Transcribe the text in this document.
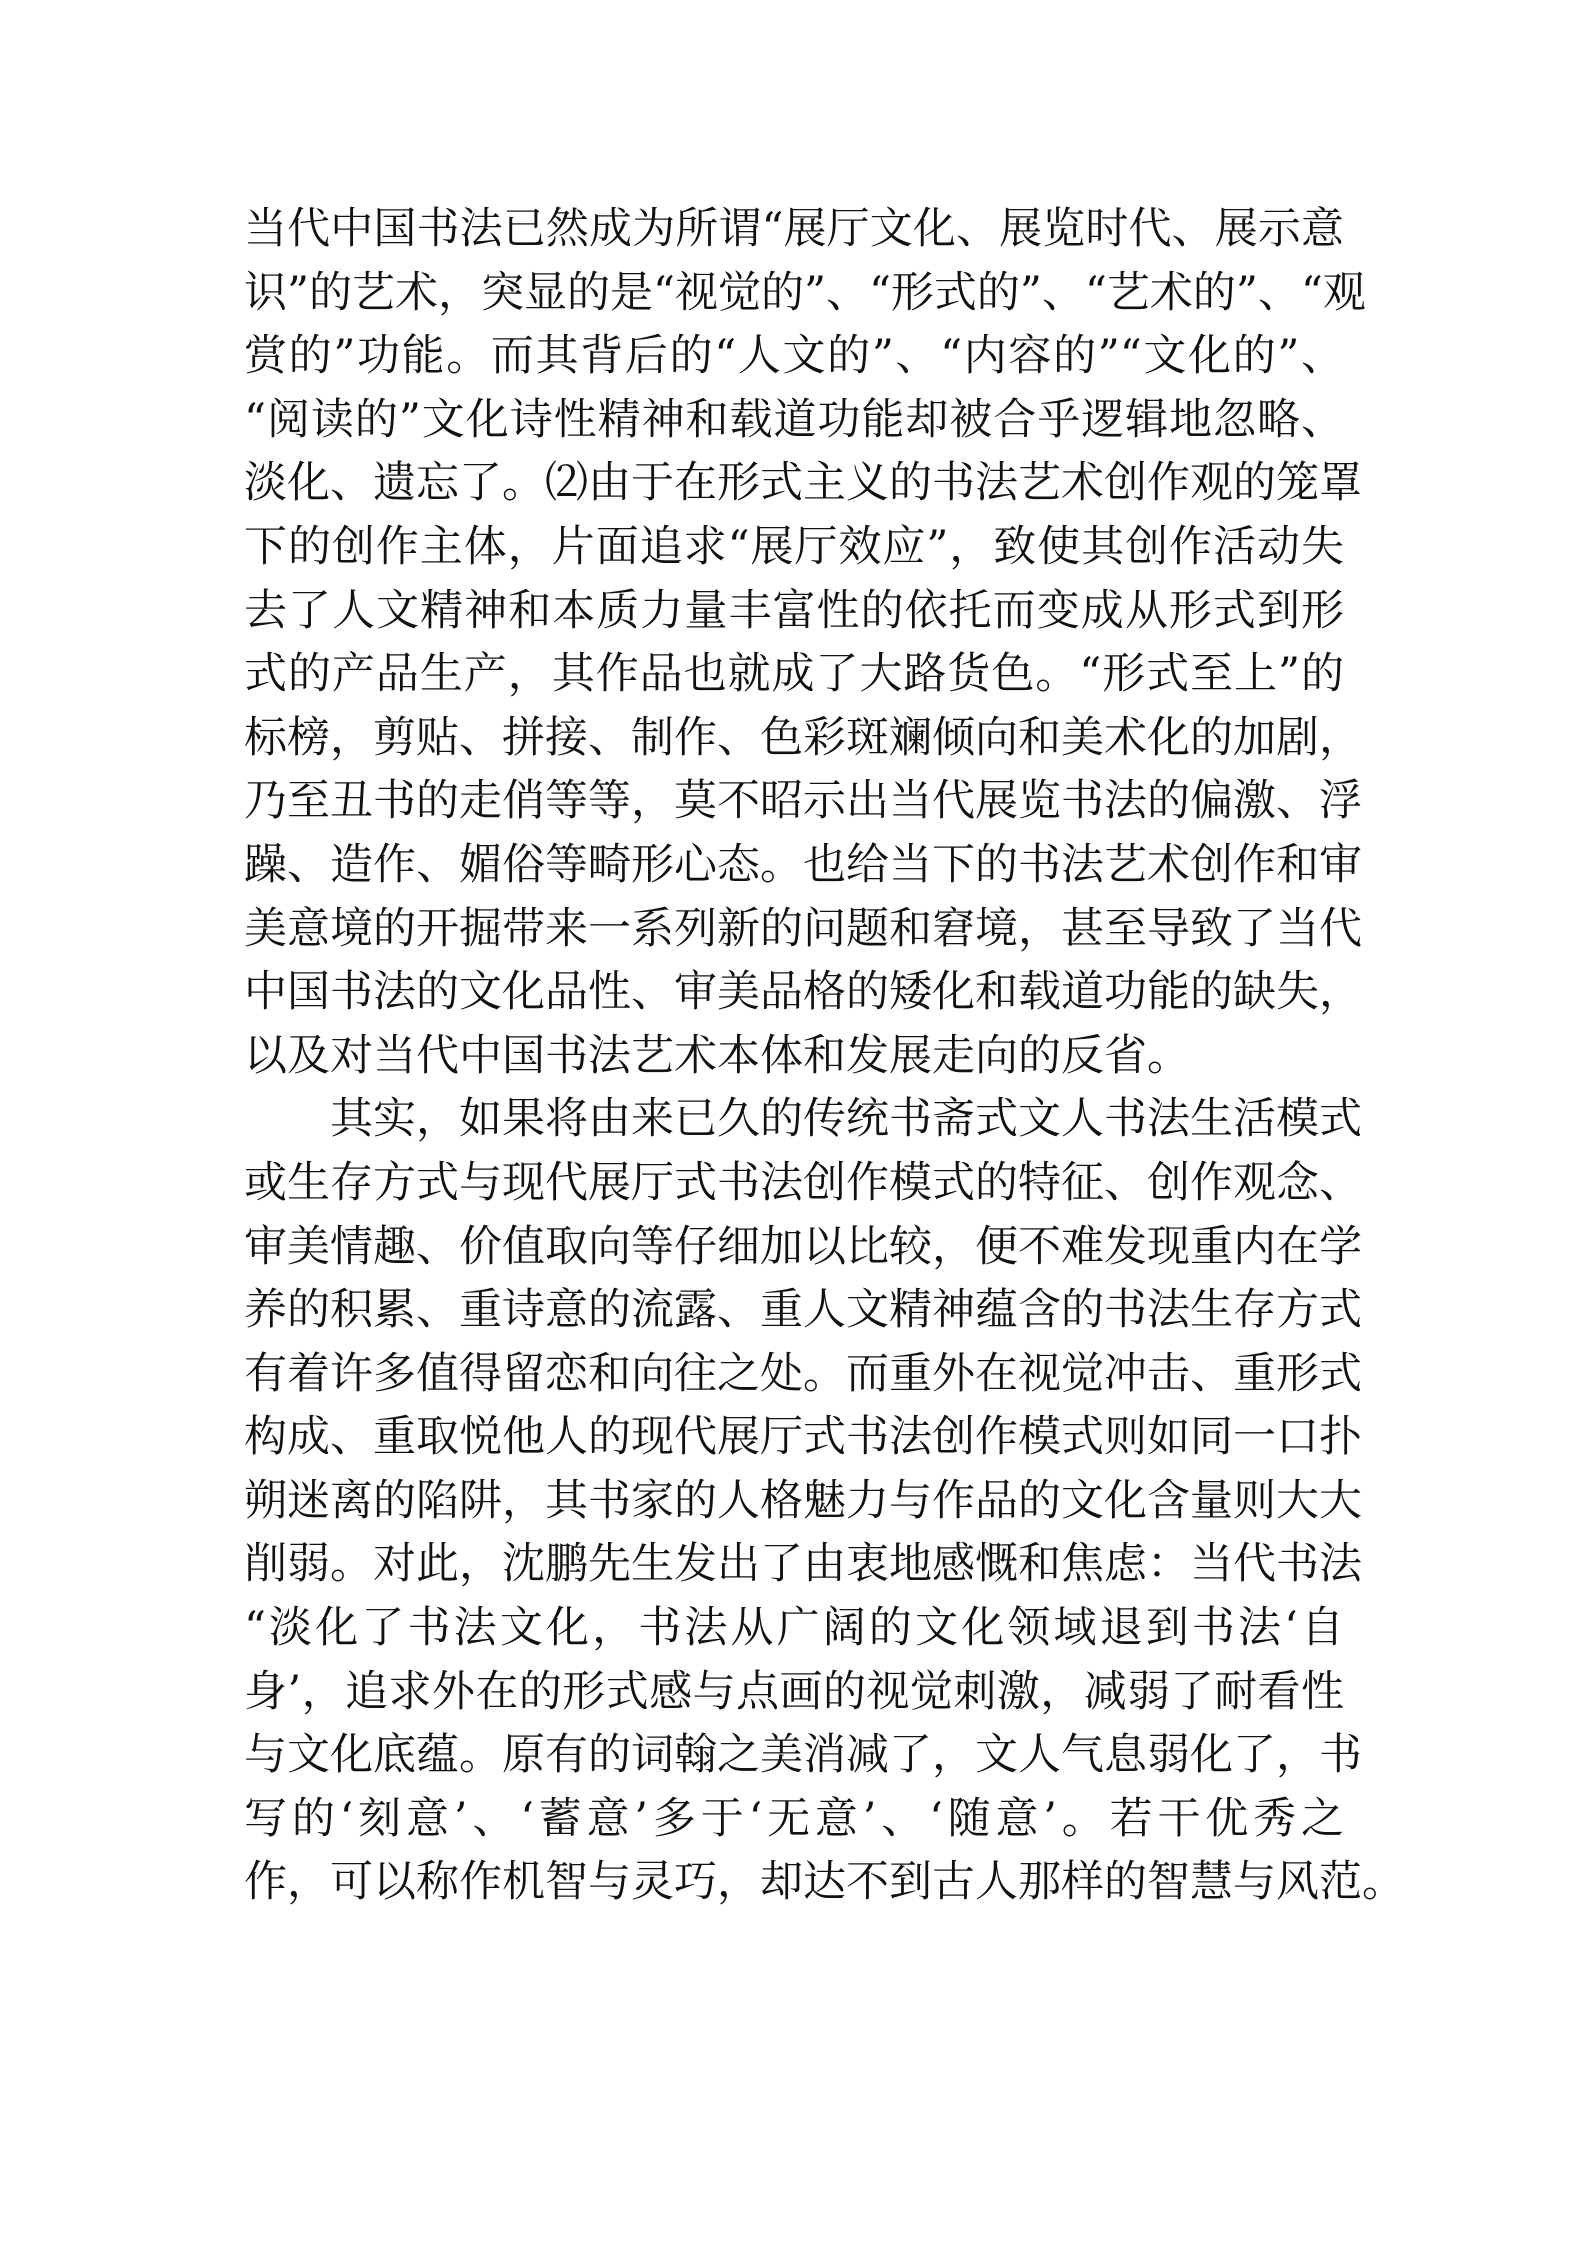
当代中国书法已然成为所谓“展厅文化、展览时代、展示意
识”的艺术，突显的是“视觉的”、“形式的”、“艺术的”、“观
赏的”功能。而其背后的“人文的”、“内容的”“文化的”、
“阅读的”文化诗性精神和载道功能却被合乎逻辑地忽略、
淡化、遗忘了。⑵由于在形式主义的书法艺术创作观的笼罩
下的创作主体，片面追求“展厅效应”，致使其创作活动失
去了人文精神和本质力量丰富性的依托而变成从形式到形
式的产品生产，其作品也就成了大路货色。“形式至上”的
标榜，剪贴、拼接、制作、色彩斑斓倾向和美术化的加剧，
乃至丑书的走俏等等，莫不昭示出当代展览书法的偏激、浮
躁、造作、媚俗等畸形心态。也给当下的书法艺术创作和审
美意境的开掘带来一系列新的问题和窘境，甚至导致了当代
中国书法的文化品性、审美品格的矮化和载道功能的缺失，
以及对当代中国书法艺术本体和发展走向的反省。
其实，如果将由来已久的传统书斋式文人书法生活模式
或生存方式与现代展厅式书法创作模式的特征、创作观念、
审美情趣、价值取向等仔细加以比较，便不难发现重内在学
养的积累、重诗意的流露、重人文精神蕴含的书法生存方式
有着许多值得留恋和向往之处。而重外在视觉冲击、重形式
构成、重取悦他人的现代展厅式书法创作模式则如同一口扑
朔迷离的陷阱，其书家的人格魅力与作品的文化含量则大大
削弱。对此，沈鹏先生发出了由衷地感慨和焦虑：当代书法
“淡化了书法文化，书法从广阔的文化领域退到书法‘自
身’，追求外在的形式感与点画的视觉刺激，减弱了耐看性
与文化底蕴。原有的词翰之美消减了，文人气息弱化了，书
写的‘刻意’、‘蓄意’多于‘无意’、‘随意’。若干优秀之
作，可以称作机智与灵巧，却达不到古人那样的智慧与风范。
